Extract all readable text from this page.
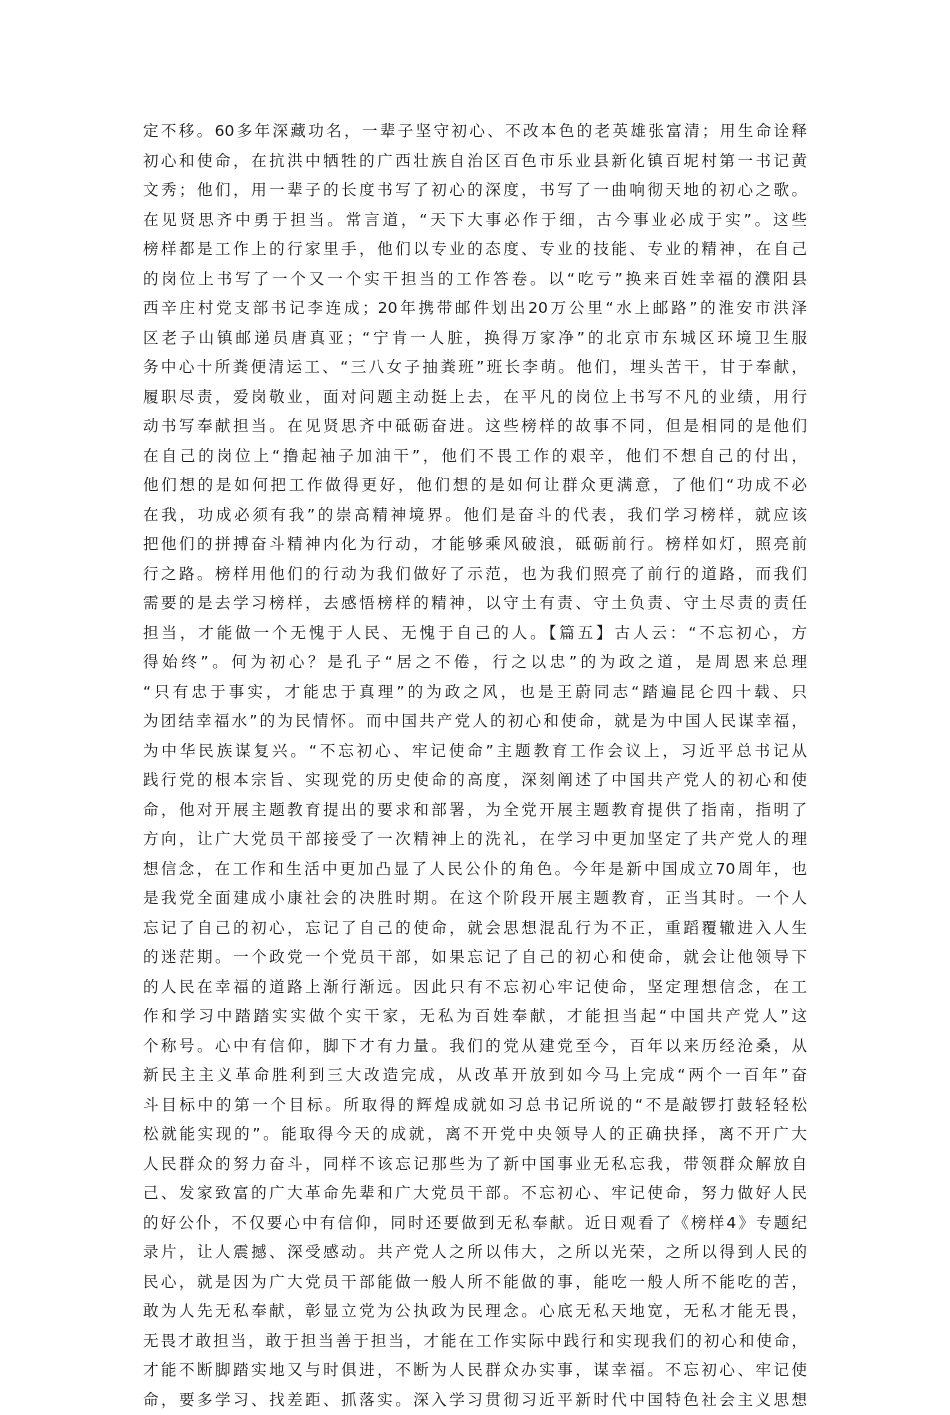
定不移。60多年深藏功名，一辈子坚守初心、不改本色的老英雄张富清；用生命诠释
初心和使命，在抗洪中牺牲的广西壮族自治区百色市乐业县新化镇百坭村第一书记黄
文秀；他们，用一辈子的长度书写了初心的深度，书写了一曲响彻天地的初心之歌。
在见贤思齐中勇于担当。常言道，“天下大事必作于细，古今事业必成于实”。这些
榜样都是工作上的行家里手，他们以专业的态度、专业的技能、专业的精神，在自己
的岗位上书写了一个又一个实干担当的工作答卷。以“吃亏”换来百姓幸福的濮阳县
西辛庄村党支部书记李连成；20年携带邮件划出20万公里“水上邮路”的淮安市洪泽
区老子山镇邮递员唐真亚；“宁肯一人脏，换得万家净”的北京市东城区环境卫生服
务中心十所粪便清运工、“三八女子抽粪班”班长李萌。他们，埋头苦干，甘于奉献，
履职尽责，爱岗敬业，面对问题主动挺上去，在平凡的岗位上书写不凡的业绩，用行
动书写奉献担当。在见贤思齐中砥砺奋进。这些榜样的故事不同，但是相同的是他们
在自己的岗位上“撸起袖子加油干”，他们不畏工作的艰辛，他们不想自己的付出，
他们想的是如何把工作做得更好，他们想的是如何让群众更满意，了他们“功成不必
在我，功成必须有我”的崇高精神境界。他们是奋斗的代表，我们学习榜样，就应该
把他们的拼搏奋斗精神内化为行动，才能够乘风破浪，砥砺前行。榜样如灯，照亮前
行之路。榜样用他们的行动为我们做好了示范，也为我们照亮了前行的道路，而我们
需要的是去学习榜样，去感悟榜样的精神，以守土有责、守土负责、守土尽责的责任
担当，才能做一个无愧于人民、无愧于自己的人。【篇五】古人云：“不忘初心，方
得始终”。何为初心？是孔子“居之不倦，行之以忠”的为政之道，是周恩来总理
“只有忠于事实，才能忠于真理”的为政之风，也是王蔚同志“踏遍昆仑四十载、只
为团结幸福水”的为民情怀。而中国共产党人的初心和使命，就是为中国人民谋幸福，
为中华民族谋复兴。“不忘初心、牢记使命”主题教育工作会议上，习近平总书记从
践行党的根本宗旨、实现党的历史使命的高度，深刻阐述了中国共产党人的初心和使
命，他对开展主题教育提出的要求和部署，为全党开展主题教育提供了指南，指明了
方向，让广大党员干部接受了一次精神上的洗礼，在学习中更加坚定了共产党人的理
想信念，在工作和生活中更加凸显了人民公仆的角色。今年是新中国成立70周年，也
是我党全面建成小康社会的决胜时期。在这个阶段开展主题教育，正当其时。一个人
忘记了自己的初心，忘记了自己的使命，就会思想混乱行为不正，重蹈覆辙进入人生
的迷茫期。一个政党一个党员干部，如果忘记了自己的初心和使命，就会让他领导下
的人民在幸福的道路上渐行渐远。因此只有不忘初心牢记使命，坚定理想信念，在工
作和学习中踏踏实实做个实干家，无私为百姓奉献，才能担当起“中国共产党人”这
个称号。心中有信仰，脚下才有力量。我们的党从建党至今，百年以来历经沧桑，从
新民主主义革命胜利到三大改造完成，从改革开放到如今马上完成“两个一百年”奋
斗目标中的第一个目标。所取得的辉煌成就如习总书记所说的“不是敲锣打鼓轻轻松
松就能实现的”。能取得今天的成就，离不开党中央领导人的正确抉择，离不开广大
人民群众的努力奋斗，同样不该忘记那些为了新中国事业无私忘我，带领群众解放自
己、发家致富的广大革命先辈和广大党员干部。不忘初心、牢记使命，努力做好人民
的好公仆，不仅要心中有信仰，同时还要做到无私奉献。近日观看了《榜样4》专题纪
录片，让人震撼、深受感动。共产党人之所以伟大，之所以光荣，之所以得到人民的
民心，就是因为广大党员干部能做一般人所不能做的事，能吃一般人所不能吃的苦，
敢为人先无私奉献，彰显立党为公执政为民理念。心底无私天地宽，无私才能无畏，
无畏才敢担当，敢于担当善于担当，才能在工作实际中践行和实现我们的初心和使命，
才能不断脚踏实地又与时俱进，不断为人民群众办实事，谋幸福。不忘初心、牢记使
命，要多学习、找差距、抓落实。深入学习贯彻习近平新时代中国特色社会主义思想
